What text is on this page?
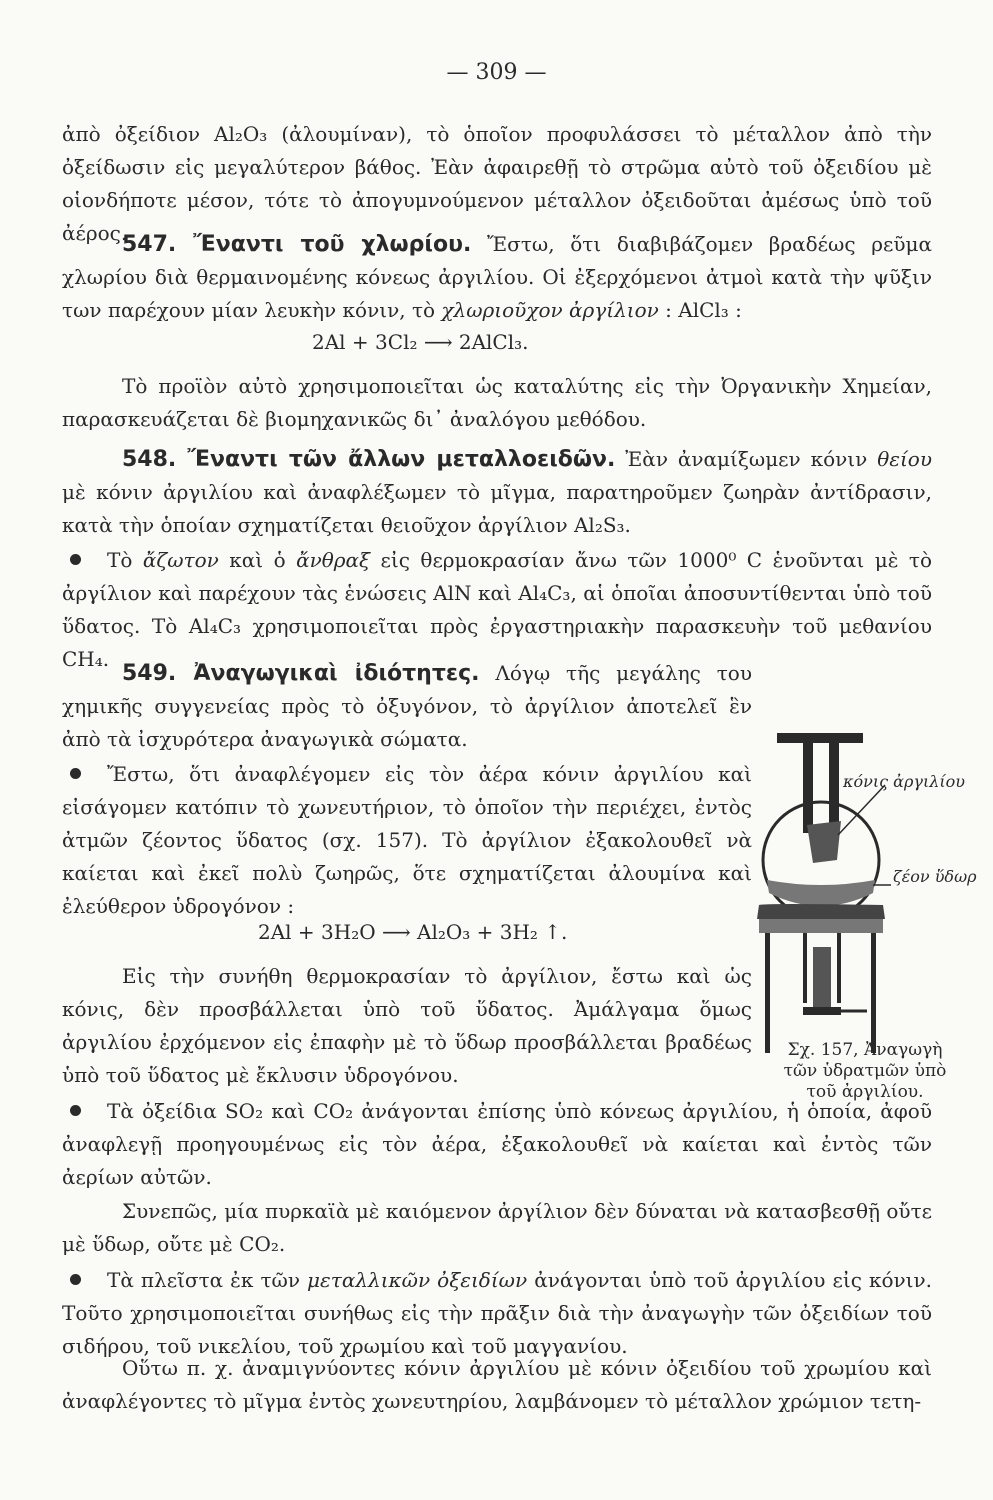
— 309 —
ἀπὸ ὀξείδιον Al₂O₃ (ἀλουμίναν), τὸ ὁποῖον προφυλάσσει τὸ μέταλλον ἀπὸ τὴν ὀξείδωσιν εἰς μεγαλύτερον βάθος. Ἐὰν ἀφαιρεθῇ τὸ στρῶμα αὐτὸ τοῦ ὀξειδίου μὲ οἱονδήποτε μέσον, τότε τὸ ἀπογυμνούμενον μέταλλον ὀξειδοῦται ἀμέσως ὑπὸ τοῦ ἀέρος.
547. Ἔναντι τοῦ χλωρίου. Ἔστω, ὅτι διαβιβάζομεν βραδέως ρεῦμα χλωρίου διὰ θερμαινομένης κόνεως ἀργιλίου. Οἱ ἐξερχόμενοι ἀτμοὶ κατὰ τὴν ψῦξιν των παρέχουν μίαν λευκὴν κόνιν, τὸ χλωριοῦχον ἀργίλιον : AlCl₃ :
2Al + 3Cl₂ ⟶ 2AlCl₃.
Τὸ προϊὸν αὐτὸ χρησιμοποιεῖται ὡς καταλύτης εἰς τὴν Ὀργανικὴν Χημείαν, παρασκευάζεται δὲ βιομηχανικῶς δι᾽ ἀναλόγου μεθόδου.
548. Ἔναντι τῶν ἄλλων μεταλλοειδῶν. Ἐὰν ἀναμίξωμεν κόνιν θείου μὲ κόνιν ἀργιλίου καὶ ἀναφλέξωμεν τὸ μῖγμα, παρατηροῦμεν ζωηρὰν ἀντίδρασιν, κατὰ τὴν ὁποίαν σχηματίζεται θειοῦχον ἀργίλιον Al₂S₃.
Τὸ ἄζωτον καὶ ὁ ἄνθραξ εἰς θερμοκρασίαν ἄνω τῶν 1000⁰ C ἑνοῦνται μὲ τὸ ἀργίλιον καὶ παρέχουν τὰς ἑνώσεις AlN καὶ Al₄C₃, αἱ ὁποῖαι ἀποσυντίθενται ὑπὸ τοῦ ὕδατος. Τὸ Al₄C₃ χρησιμοποιεῖται πρὸς ἐργαστηριακὴν παρασκευὴν τοῦ μεθανίου CH₄.
549. Ἀναγωγικαὶ ἰδιότητες. Λόγῳ τῆς μεγάλης του χημικῆς συγγενείας πρὸς τὸ ὀξυγόνον, τὸ ἀργίλιον ἀποτελεῖ ἓν ἀπὸ τὰ ἰσχυρότερα ἀναγωγικὰ σώματα.
Ἔστω, ὅτι ἀναφλέγομεν εἰς τὸν ἀέρα κόνιν ἀργιλίου καὶ εἰσάγομεν κατόπιν τὸ χωνευτήριον, τὸ ὁποῖον τὴν περιέχει, ἐντὸς ἀτμῶν ζέοντος ὕδατος (σχ. 157). Τὸ ἀργίλιον ἐξακολουθεῖ νὰ καίεται καὶ ἐκεῖ πολὺ ζωηρῶς, ὅτε σχηματίζεται ἀλουμίνα καὶ ἐλεύθερον ὑδρογόνον :
2Al + 3H₂O ⟶ Al₂O₃ + 3H₂ ↑.
Εἰς τὴν συνήθη θερμοκρασίαν τὸ ἀργίλιον, ἔστω καὶ ὡς κόνις, δὲν προσβάλλεται ὑπὸ τοῦ ὕδατος. Ἀμάλγαμα ὅμως ἀργιλίου ἐρχόμενον εἰς ἐπαφὴν μὲ τὸ ὕδωρ προσβάλλεται βραδέως ὑπὸ τοῦ ὕδατος μὲ ἔκλυσιν ὑδρογόνου.
Τὰ ὀξείδια SO₂ καὶ CO₂ ἀνάγονται ἐπίσης ὑπὸ κόνεως ἀργιλίου, ἡ ὁποία, ἀφοῦ ἀναφλεγῇ προηγουμένως εἰς τὸν ἀέρα, ἐξακολουθεῖ νὰ καίεται καὶ ἐντὸς τῶν ἀερίων αὐτῶν.
Συνεπῶς, μία πυρκαϊὰ μὲ καιόμενον ἀργίλιον δὲν δύναται νὰ κατασβεσθῇ οὔτε μὲ ὕδωρ, οὔτε μὲ CO₂.
Τὰ πλεῖστα ἐκ τῶν μεταλλικῶν ὀξειδίων ἀνάγονται ὑπὸ τοῦ ἀργιλίου εἰς κόνιν. Τοῦτο χρησιμοποιεῖται συνήθως εἰς τὴν πρᾶξιν διὰ τὴν ἀναγωγὴν τῶν ὀξειδίων τοῦ σιδήρου, τοῦ νικελίου, τοῦ χρωμίου καὶ τοῦ μαγγανίου.
Οὕτω π. χ. ἀναμιγνύοντες κόνιν ἀργιλίου μὲ κόνιν ὀξειδίου τοῦ χρωμίου καὶ ἀναφλέγοντες τὸ μῖγμα ἐντὸς χωνευτηρίου, λαμβάνομεν τὸ μέταλλον χρώμιον τετη-
κόνις ἀργιλίου
ζέον ὕδωρ
Σχ. 157, Ἀναγωγὴ
τῶν ὑδρατμῶν ὑπὸ
τοῦ ἀργιλίου.
